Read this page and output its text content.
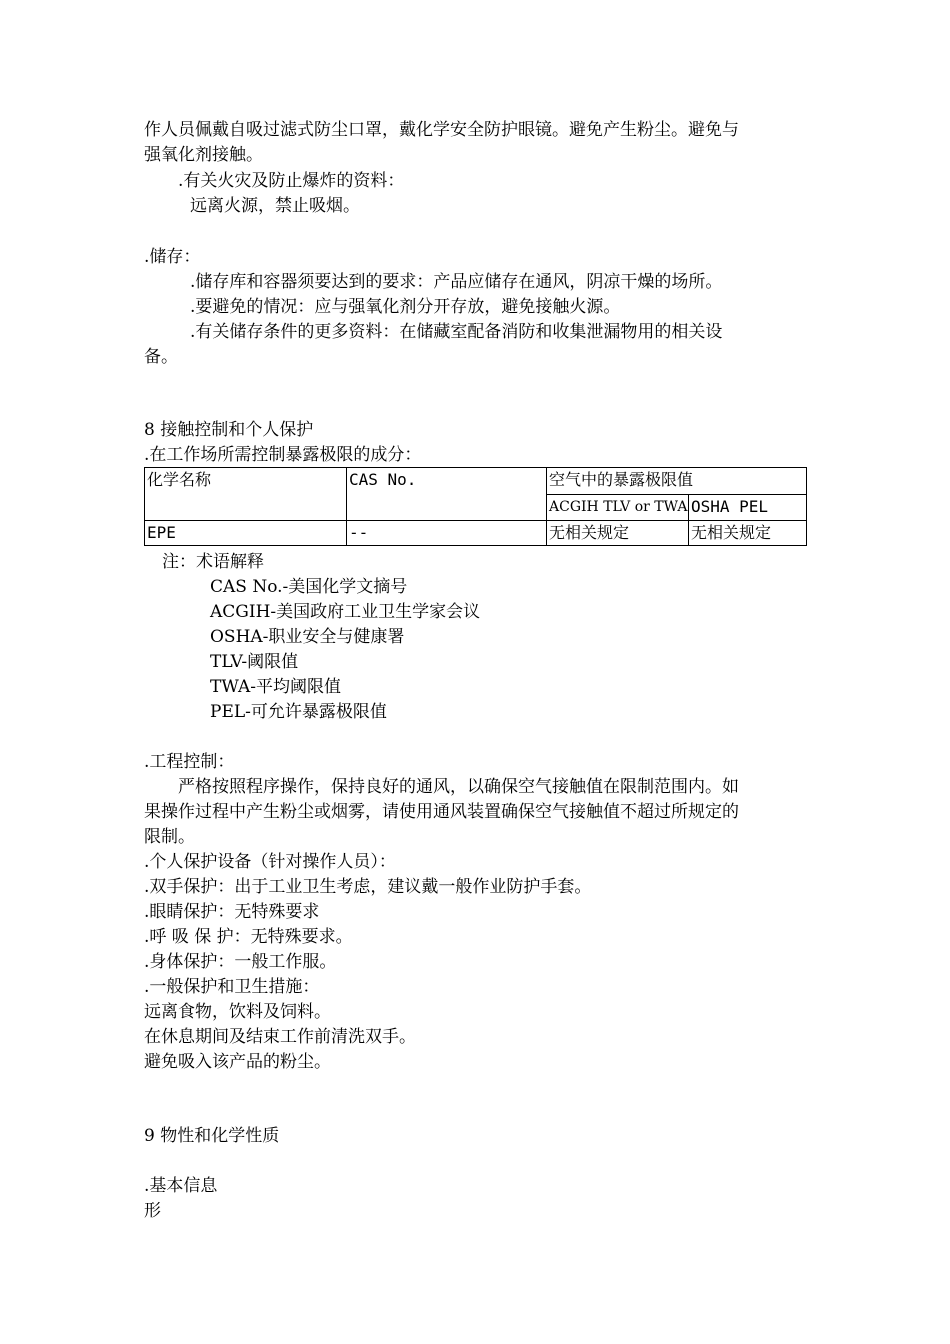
作人员佩戴自吸过滤式防尘口罩，戴化学安全防护眼镜。避免产生粉尘。避免与
强氧化剂接触。
.有关火灾及防止爆炸的资料：
远离火源，禁止吸烟。
.储存：
.储存库和容器须要达到的要求：产品应储存在通风，阴凉干燥的场所。
.要避免的情况：应与强氧化剂分开存放，避免接触火源。
.有关储存条件的更多资料：在储藏室配备消防和收集泄漏物用的相关设
备。
8 接触控制和个人保护
.在工作场所需控制暴露极限的成分：
化学名称	CAS No.	空气中的暴露极限值	
		ACGIH TLV or TWA	OSHA PEL
EPE	--	无相关规定	无相关规定
注：术语解释
CAS No.-美国化学文摘号
ACGIH-美国政府工业卫生学家会议
OSHA-职业安全与健康署
TLV-阈限值
TWA-平均阈限值
PEL-可允许暴露极限值
.工程控制：
严格按照程序操作，保持良好的通风，以确保空气接触值在限制范围内。如
果操作过程中产生粉尘或烟雾，请使用通风装置确保空气接触值不超过所规定的
限制。
.个人保护设备（针对操作人员）：
.双手保护：出于工业卫生考虑，建议戴一般作业防护手套。
.眼睛保护：无特殊要求
.呼 吸 保 护：无特殊要求。
.身体保护：一般工作服。
.一般保护和卫生措施：
远离食物，饮料及饲料。
在休息期间及结束工作前清洗双手。
避免吸入该产品的粉尘。
9 物性和化学性质
.基本信息
形
